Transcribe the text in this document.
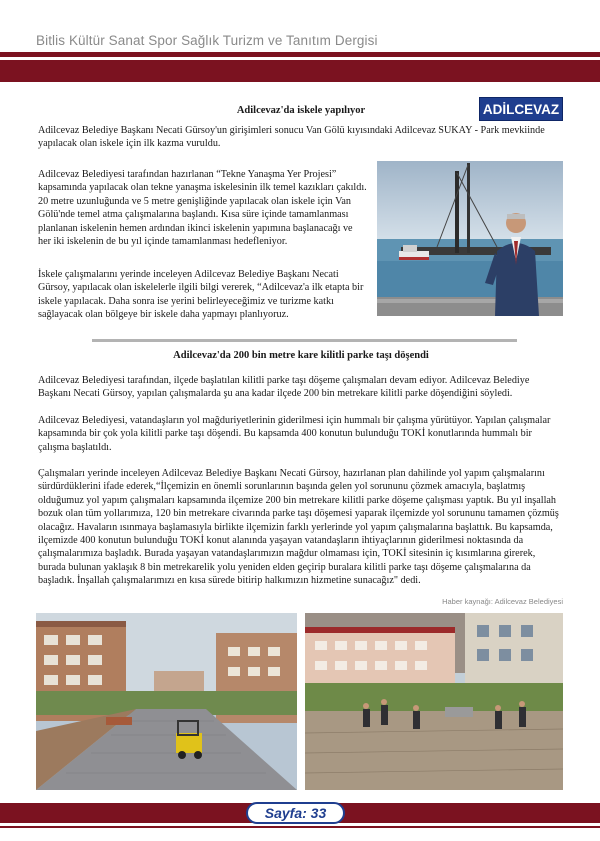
Bitlis Kültür Sanat Spor Sağlık Turizm ve Tanıtım Dergisi
ADİLCEVAZ
Adilcevaz'da iskele yapılıyor

Adilcevaz Belediye Başkanı Necati Gürsoy'un girişimleri sonucu Van Gölü kıyısındaki Adilcevaz SUKAY - Park mevkiinde yapılacak olan iskele için ilk kazma vuruldu.

Adilcevaz Belediyesi tarafından hazırlanan “Tekne Yanaşma Yer Projesi” kapsamında yapılacak olan tekne yanaşma iskelesinin ilk temel kazıkları çakıldı. 20 metre uzunluğunda ve 5 metre genişliğinde yapılacak olan iskele için Van Gölü'nde temel atma çalışmalarına başlandı. Kısa süre içinde tamamlanması planlanan iskelenin hemen ardından ikinci iskelenin yapımına başlanacağı ve her iki iskelenin de bu yıl içinde tamamlanması hedefleniyor.

İskele çalışmalarını yerinde inceleyen Adilcevaz Belediye Başkanı Necati Gürsoy, yapılacak olan iskelelerle ilgili bilgi vererek, “Adilcevaz'a ilk etapta bir iskele yapılacak. Daha sonra ise yerini belirleyeceğimiz ve turizme katkı sağlayacak olan bölgeye bir iskele daha yapmayı planlıyoruz.

Adilcevaz'da 200 bin metre kare kilitli parke taşı döşendi

Adilcevaz Belediyesi tarafından, ilçede başlatılan kilitli parke taşı döşeme çalışmaları devam ediyor. Adilcevaz Belediye Başkanı Necati Gürsoy, yapılan çalışmalarda şu ana kadar ilçede 200 bin metrekare kilitli parke döşendiğini söyledi.

Adilcevaz Belediyesi, vatandaşların yol mağduriyetlerinin giderilmesi için hummalı bir çalışma yürütüyor. Yapılan çalışmalar kapsamında bir çok yola kilitli parke taşı döşendi. Bu kapsamda 400 konutun bulunduğu TOKİ konutlarında hummalı bir çalışma başlatıldı.

Çalışmaları yerinde inceleyen Adilcevaz Belediye Başkanı Necati Gürsoy, hazırlanan plan dahilinde yol yapım çalışmalarını sürdürdüklerini ifade ederek,“İlçemizin en önemli sorunlarının başında gelen yol sorununu çözmek amacıyla, başlatmış olduğumuz yol yapım çalışmaları kapsamında ilçemize 200 bin metrekare kilitli parke döşeme çalışması yaptık. Bu yıl inşallah bozuk olan tüm yollarımıza, 120 bin metrekare civarında parke taşı döşemesi yaparak ilçemizde yol sorununu tamamen çözmüş olacağız. Havaların ısınmaya başlamasıyla birlikte ilçemizin farklı yerlerinde yol yapım çalışmalarına başlattık. Bu kapsamda, ilçemizde 400 konutun bulunduğu TOKİ konut alanında yaşayan vatandaşların ihtiyaçlarının giderilmesi noktasında da çalışmalarımıza başladık. Burada yaşayan vatandaşlarımızın mağdur olmaması için, TOKİ sitesinin iç kısımlarına girerek, burada bulunan yaklaşık 8 bin metrekarelik yolu yeniden elden geçirip buralara kilitli parke taşı döşeme çalışmalarına da başladık. İnşallah çalışmalarımızı en kısa sürede bitirip halkımızın hizmetine sunacağız" dedi.

Haber kaynağı: Adilcevaz Belediyesi
Sayfa: 33
